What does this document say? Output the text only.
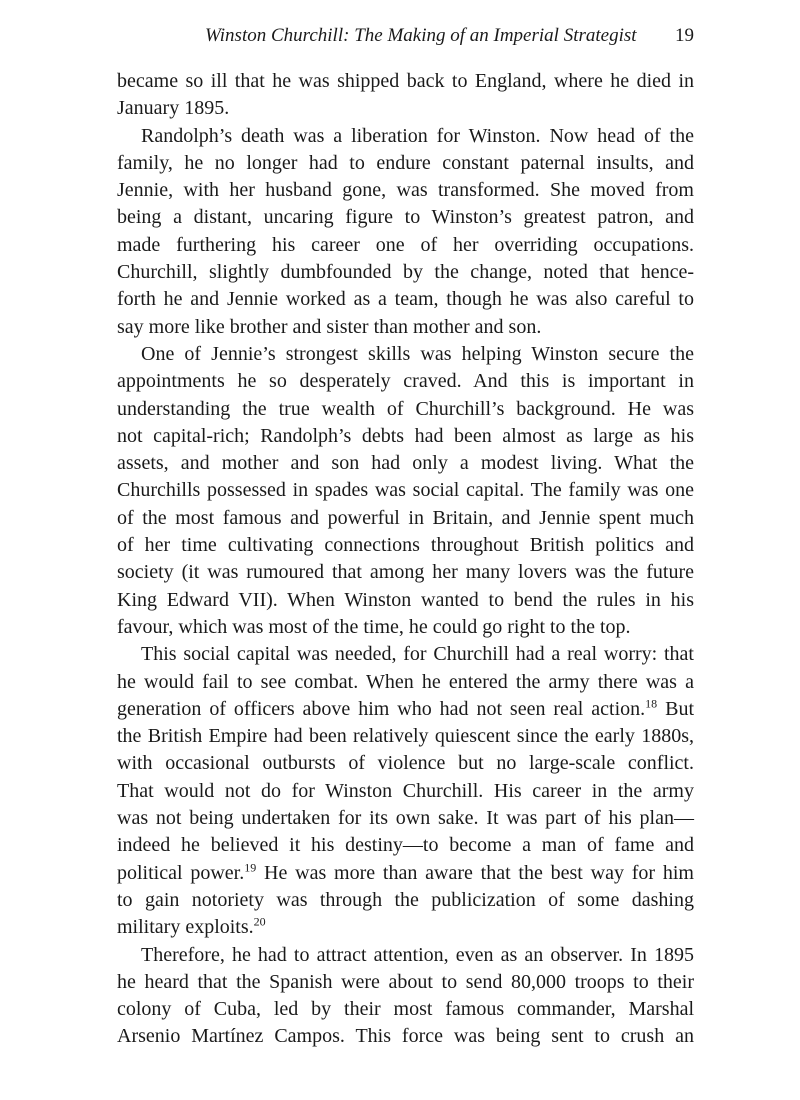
Winston Churchill: The Making of an Imperial Strategist 19
became so ill that he was shipped back to England, where he died in
January 1895.
Randolph’s death was a liberation for Winston. Now head of the
family, he no longer had to endure constant paternal insults, and
Jennie, with her husband gone, was transformed. She moved from
being a distant, uncaring figure to Winston’s greatest patron, and
made furthering his career one of her overriding occupations.
Churchill, slightly dumbfounded by the change, noted that hence-
forth he and Jennie worked as a team, though he was also careful to
say more like brother and sister than mother and son.
One of Jennie’s strongest skills was helping Winston secure the
appointments he so desperately craved. And this is important in
understanding the true wealth of Churchill’s background. He was
not capital-rich; Randolph’s debts had been almost as large as his
assets, and mother and son had only a modest living. What the
Churchills possessed in spades was social capital. The family was one
of the most famous and powerful in Britain, and Jennie spent much
of her time cultivating connections throughout British politics and
society (it was rumoured that among her many lovers was the future
King Edward VII). When Winston wanted to bend the rules in his
favour, which was most of the time, he could go right to the top.
This social capital was needed, for Churchill had a real worry: that
he would fail to see combat. When he entered the army there was a
generation of officers above him who had not seen real action.$^{18}$ But
the British Empire had been relatively quiescent since the early 1880s,
with occasional outbursts of violence but no large-scale conflict.
That would not do for Winston Churchill. His career in the army
was not being undertaken for its own sake. It was part of his plan—
indeed he believed it his destiny—to become a man of fame and
political power.$^{19}$ He was more than aware that the best way for him
to gain notoriety was through the publicization of some dashing
military exploits.$^{20}$
Therefore, he had to attract attention, even as an observer. In 1895
he heard that the Spanish were about to send 80,000 troops to their
colony of Cuba, led by their most famous commander, Marshal
Arsenio Martínez Campos. This force was being sent to crush an
